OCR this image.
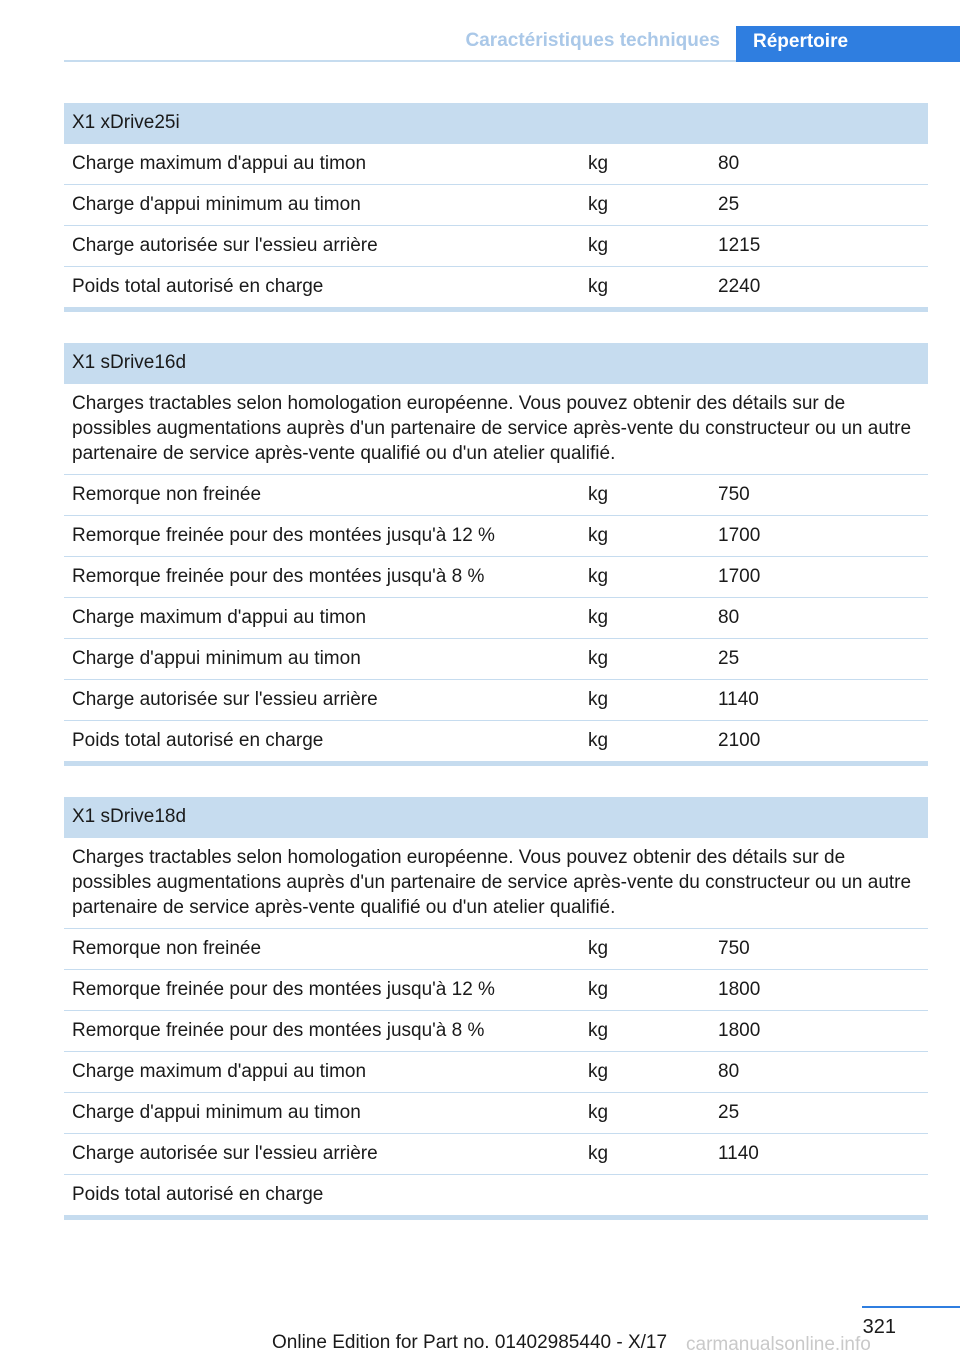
Caractéristiques techniques	Répertoire
X1 xDrive25i		
Charge maximum d'appui au timon	kg	80
Charge d'appui minimum au timon	kg	25
Charge autorisée sur l'essieu arrière	kg	1215
Poids total autorisé en charge	kg	2240
X1 sDrive16d		
Charges tractables selon homologation européenne. Vous pouvez obtenir des détails sur de possibles augmentations auprès d'un partenaire de service après-vente du constructeur ou un autre partenaire de service après-vente qualifié ou d'un atelier qualifié.		
Remorque non freinée	kg	750
Remorque freinée pour des montées jusqu'à 12 %	kg	1700
Remorque freinée pour des montées jusqu'à 8 %	kg	1700
Charge maximum d'appui au timon	kg	80
Charge d'appui minimum au timon	kg	25
Charge autorisée sur l'essieu arrière	kg	1140
Poids total autorisé en charge	kg	2100
X1 sDrive18d		
Charges tractables selon homologation européenne. Vous pouvez obtenir des détails sur de possibles augmentations auprès d'un partenaire de service après-vente du constructeur ou un autre partenaire de service après-vente qualifié ou d'un atelier qualifié.		
Remorque non freinée	kg	750
Remorque freinée pour des montées jusqu'à 12 %	kg	1800
Remorque freinée pour des montées jusqu'à 8 %	kg	1800
Charge maximum d'appui au timon	kg	80
Charge d'appui minimum au timon	kg	25
Charge autorisée sur l'essieu arrière	kg	1140
Poids total autorisé en charge		
321
Online Edition for Part no. 01402985440 - X/17 carmanualsonline.info
